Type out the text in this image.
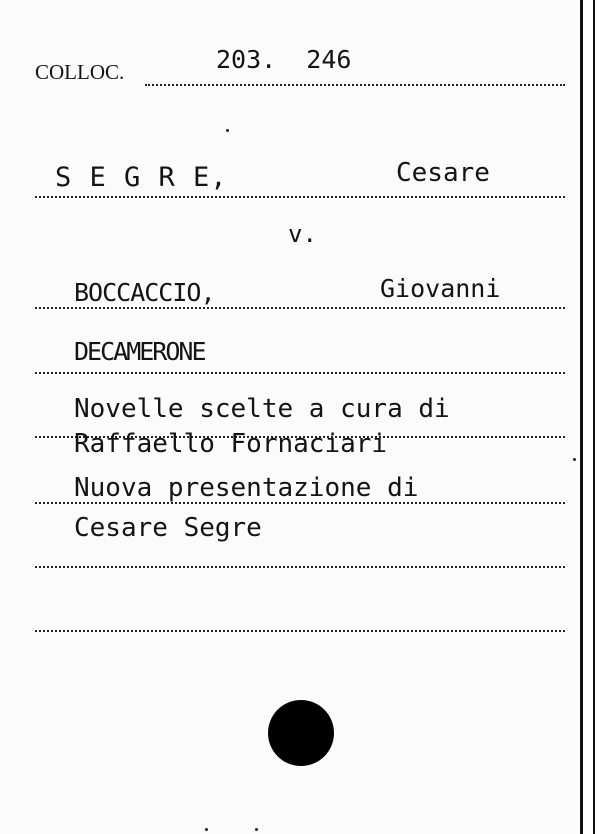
COLLOC.	203.  246
S E G R E,	Cesare
v.
BOCCACCIO,	Giovanni
DECAMERONE
Novelle scelte a cura di
Raffaello Fornaciari
Nuova presentazione di
Cesare Segre
